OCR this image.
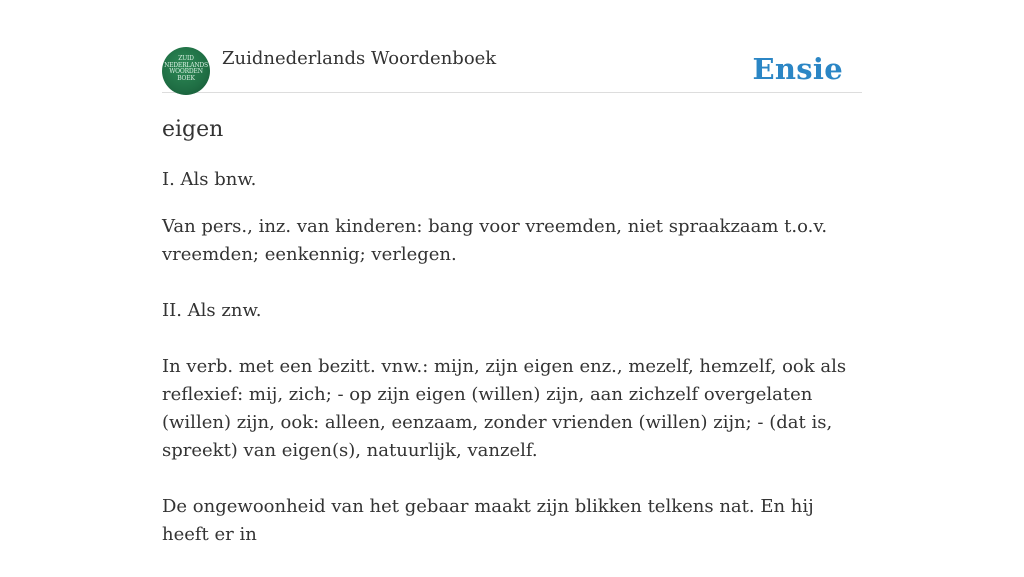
ZUID
NEDERLANDS
WOORDEN
BOEK
Zuidnederlands Woordenboek	Ensie
eigen

I. Als bnw.

Van pers., inz. van kinderen: bang voor vreemden, niet spraakzaam t.o.v. vreemden; eenkennig; verlegen.

II. Als znw.

In verb. met een bezitt. vnw.: mijn, zijn eigen enz., mezelf, hemzelf, ook als reflexief: mij, zich; - op zijn eigen (willen) zijn, aan zichzelf overgelaten (willen) zijn, ook: alleen, eenzaam, zonder vrienden (willen) zijn; - (dat is, spreekt) van eigen(s), natuurlijk, vanzelf.

De ongewoonheid van het gebaar maakt zijn blikken telkens nat. En hij heeft er in
